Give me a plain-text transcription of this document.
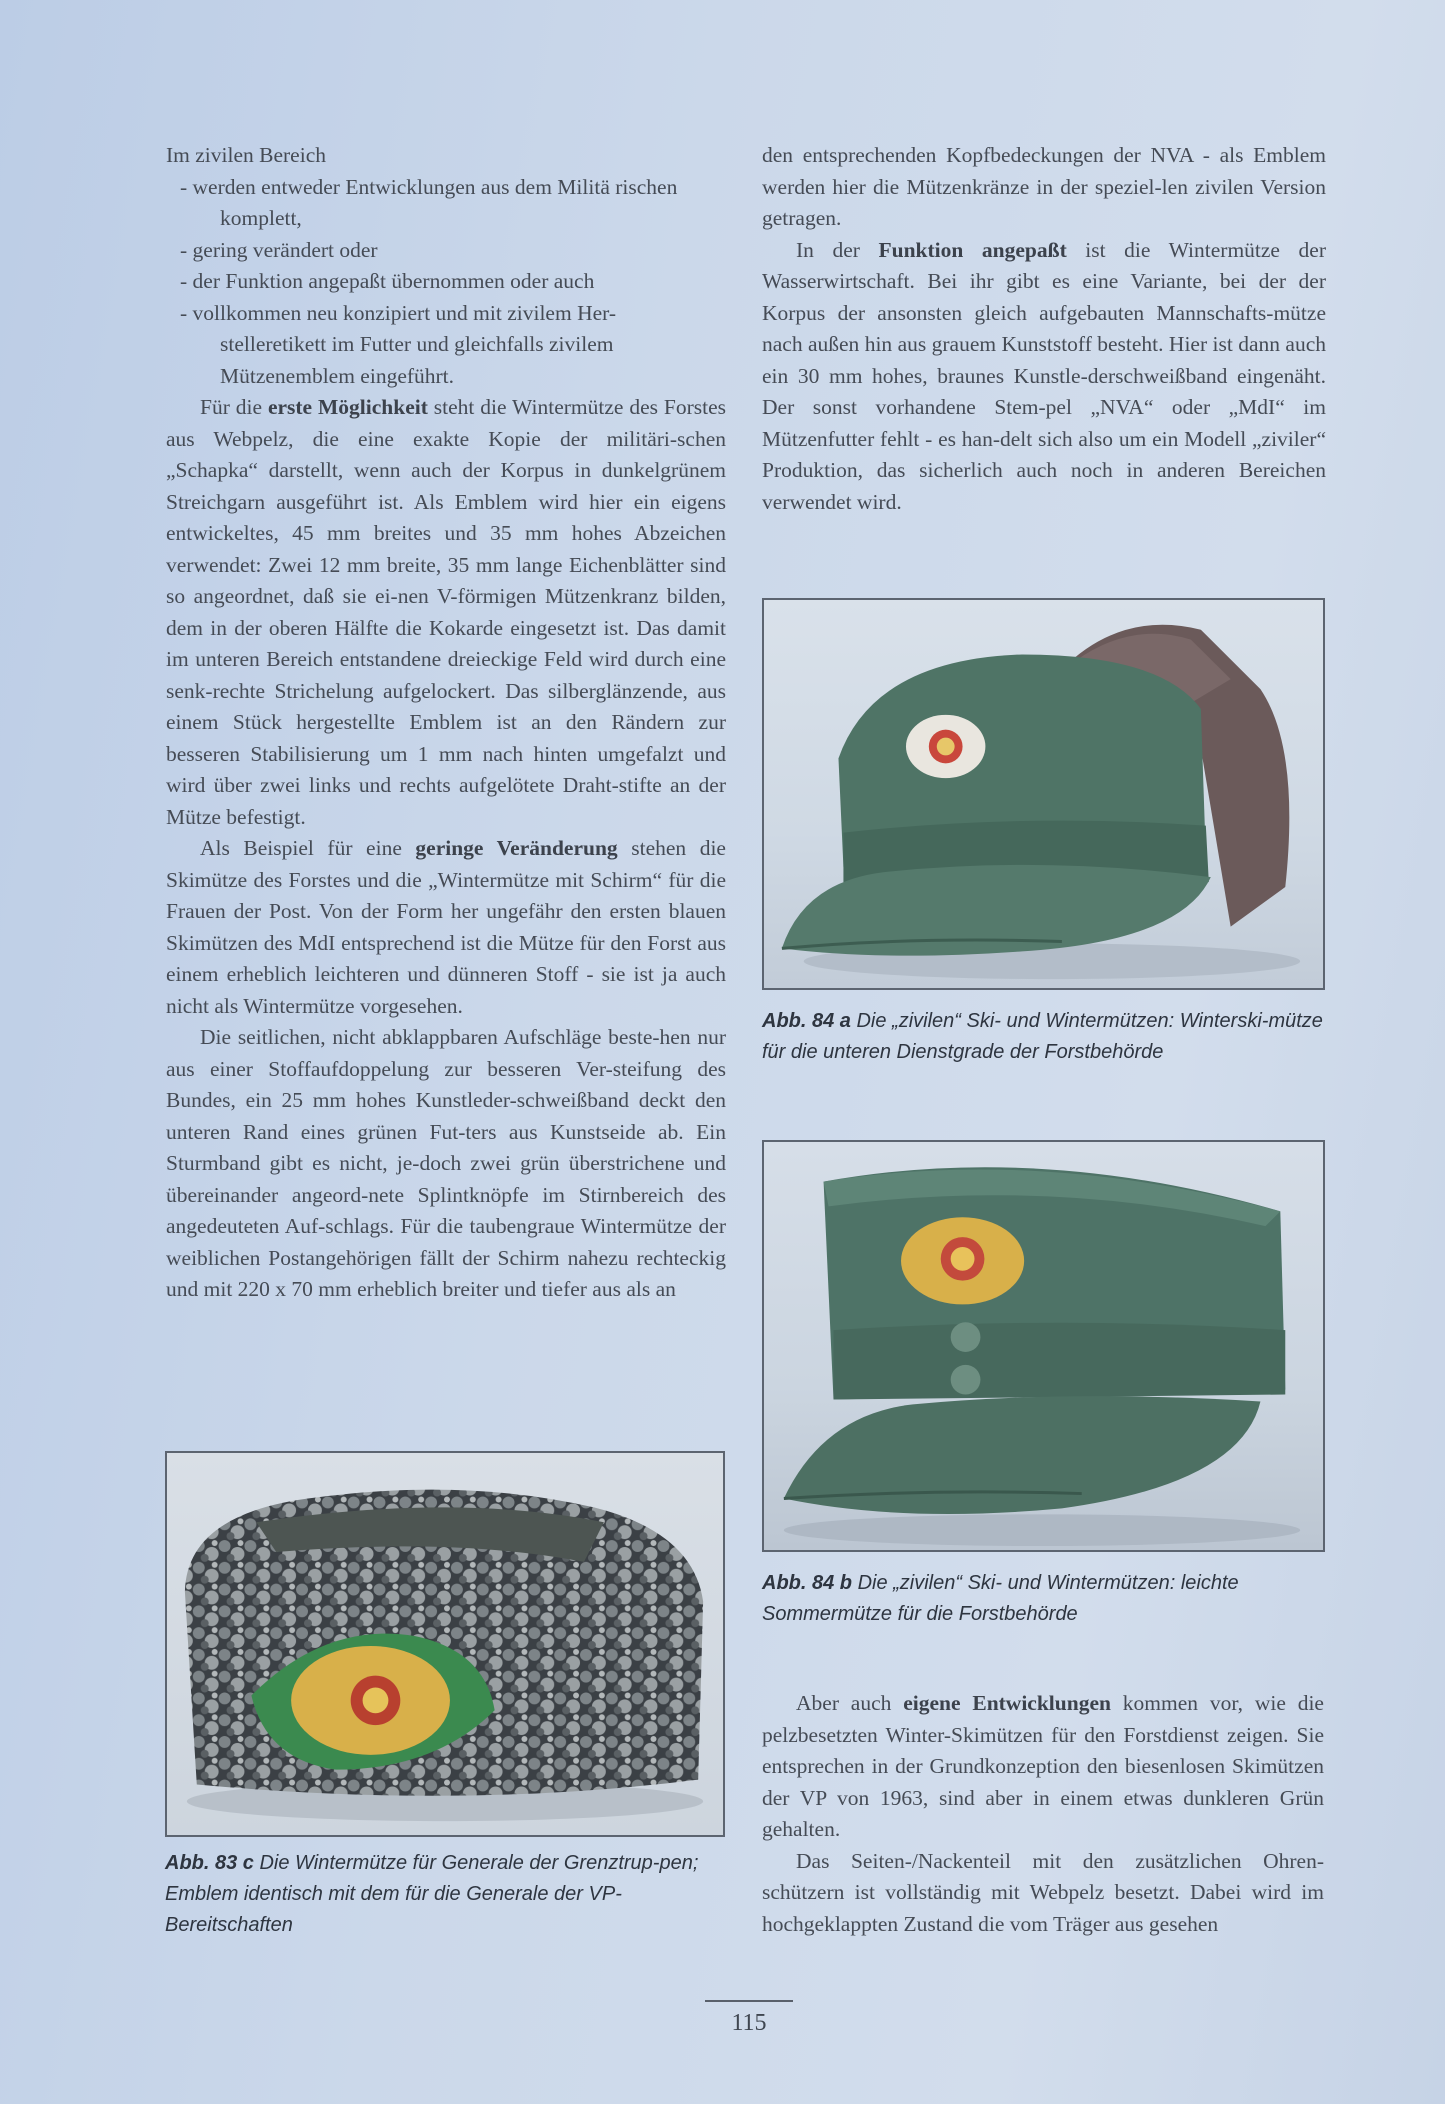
Im zivilen Bereich
- werden entweder Entwicklungen aus dem Militä rischen komplett,
- gering verändert oder
- der Funktion angepaßt übernommen oder auch
- vollkommen neu konzipiert und mit zivilem Her- stelleretikett im Futter und gleichfalls zivilem Mützenemblem eingeführt.

Für die erste Möglichkeit steht die Wintermütze des Forstes aus Webpelz, die eine exakte Kopie der militäri-schen „Schapka“ darstellt, wenn auch der Korpus in dunkelgrünem Streichgarn ausgeführt ist. Als Emblem wird hier ein eigens entwickeltes, 45 mm breites und 35 mm hohes Abzeichen verwendet: Zwei 12 mm breite, 35 mm lange Eichenblätter sind so angeordnet, daß sie ei-nen V-förmigen Mützenkranz bilden, dem in der oberen Hälfte die Kokarde eingesetzt ist. Das damit im unteren Bereich entstandene dreieckige Feld wird durch eine senk-rechte Strichelung aufgelockert. Das silberglänzende, aus einem Stück hergestellte Emblem ist an den Rändern zur besseren Stabilisierung um 1 mm nach hinten umgefalzt und wird über zwei links und rechts aufgelötete Draht-stifte an der Mütze befestigt.

Als Beispiel für eine geringe Veränderung stehen die Skimütze des Forstes und die „Wintermütze mit Schirm“ für die Frauen der Post. Von der Form her ungefähr den ersten blauen Skimützen des MdI entsprechend ist die Mütze für den Forst aus einem erheblich leichteren und dünneren Stoff - sie ist ja auch nicht als Wintermütze vorgesehen.

Die seitlichen, nicht abklappbaren Aufschläge beste-hen nur aus einer Stoffaufdoppelung zur besseren Ver-steifung des Bundes, ein 25 mm hohes Kunstleder-schweißband deckt den unteren Rand eines grünen Fut-ters aus Kunstseide ab. Ein Sturmband gibt es nicht, je-doch zwei grün überstrichene und übereinander angeord-nete Splintknöpfe im Stirnbereich des angedeuteten Auf-schlags. Für die taubengraue Wintermütze der weiblichen Postangehörigen fällt der Schirm nahezu rechteckig und mit 220 x 70 mm erheblich breiter und tiefer aus als an

den entsprechenden Kopfbedeckungen der NVA - als Emblem werden hier die Mützenkränze in der speziel-len zivilen Version getragen.

In der Funktion angepaßt ist die Wintermütze der Wasserwirtschaft. Bei ihr gibt es eine Variante, bei der der Korpus der ansonsten gleich aufgebauten Mannschafts-mütze nach außen hin aus grauem Kunststoff besteht. Hier ist dann auch ein 30 mm hohes, braunes Kunstle-derschweißband eingenäht. Der sonst vorhandene Stem-pel „NVA“ oder „MdI“ im Mützenfutter fehlt - es han-delt sich also um ein Modell „ziviler“ Produktion, das sicherlich auch noch in anderen Bereichen verwendet wird.

Abb. 84 a Die „zivilen“ Ski- und Wintermützen: Winterski-mütze für die unteren Dienstgrade der Forstbehörde
Abb. 84 b Die „zivilen“ Ski- und Wintermützen: leichte Sommermütze für die Forstbehörde

Aber auch eigene Entwicklungen kommen vor, wie die pelzbesetzten Winter-Skimützen für den Forstdienst zeigen. Sie entsprechen in der Grundkonzeption den biesenlosen Skimützen der VP von 1963, sind aber in einem etwas dunkleren Grün gehalten.

Das Seiten-/Nackenteil mit den zusätzlichen Ohren-schützern ist vollständig mit Webpelz besetzt. Dabei wird im hochgeklappten Zustand die vom Träger aus gesehen

Abb. 83 c Die Wintermütze für Generale der Grenztrup-pen; Emblem identisch mit dem für die Generale der VP-Bereitschaften
115
